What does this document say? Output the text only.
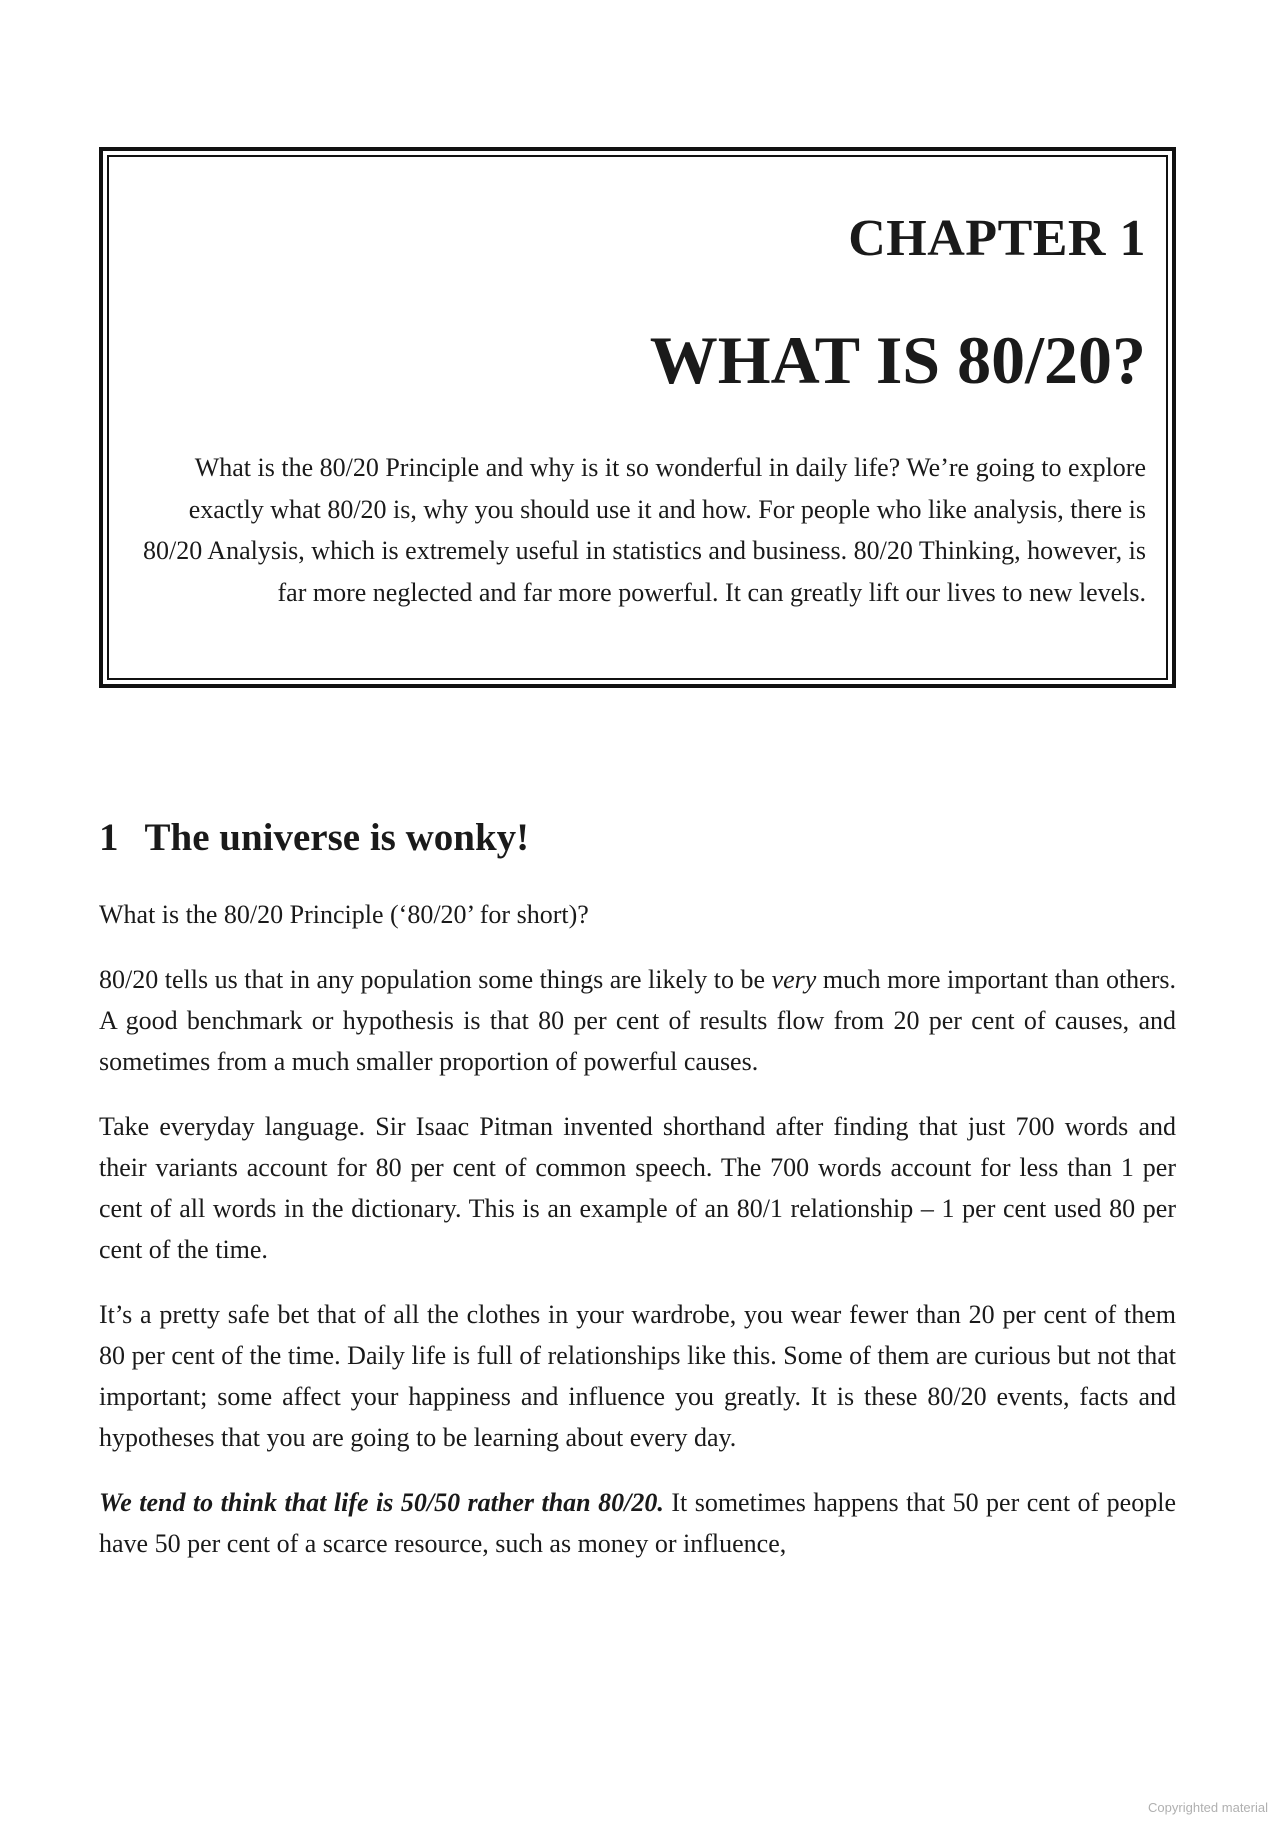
CHAPTER 1
WHAT IS 80/20?
What is the 80/20 Principle and why is it so wonderful in daily life? We’re going to explore exactly what 80/20 is, why you should use it and how. For people who like analysis, there is 80/20 Analysis, which is extremely useful in statistics and business. 80/20 Thinking, however, is far more neglected and far more powerful. It can greatly lift our lives to new levels.
1 The universe is wonky!

What is the 80/20 Principle (‘80/20’ for short)?

80/20 tells us that in any population some things are likely to be very much more important than others. A good benchmark or hypothesis is that 80 per cent of results flow from 20 per cent of causes, and sometimes from a much smaller proportion of powerful causes.

Take everyday language. Sir Isaac Pitman invented shorthand after finding that just 700 words and their variants account for 80 per cent of common speech. The 700 words account for less than 1 per cent of all words in the dictionary. This is an example of an 80/1 relationship – 1 per cent used 80 per cent of the time.

It’s a pretty safe bet that of all the clothes in your wardrobe, you wear fewer than 20 per cent of them 80 per cent of the time. Daily life is full of relationships like this. Some of them are curious but not that important; some affect your happiness and influence you greatly. It is these 80/20 events, facts and hypotheses that you are going to be learning about every day.

We tend to think that life is 50/50 rather than 80/20. It sometimes happens that 50 per cent of people have 50 per cent of a scarce resource, such as money or influence,

Copyrighted material
